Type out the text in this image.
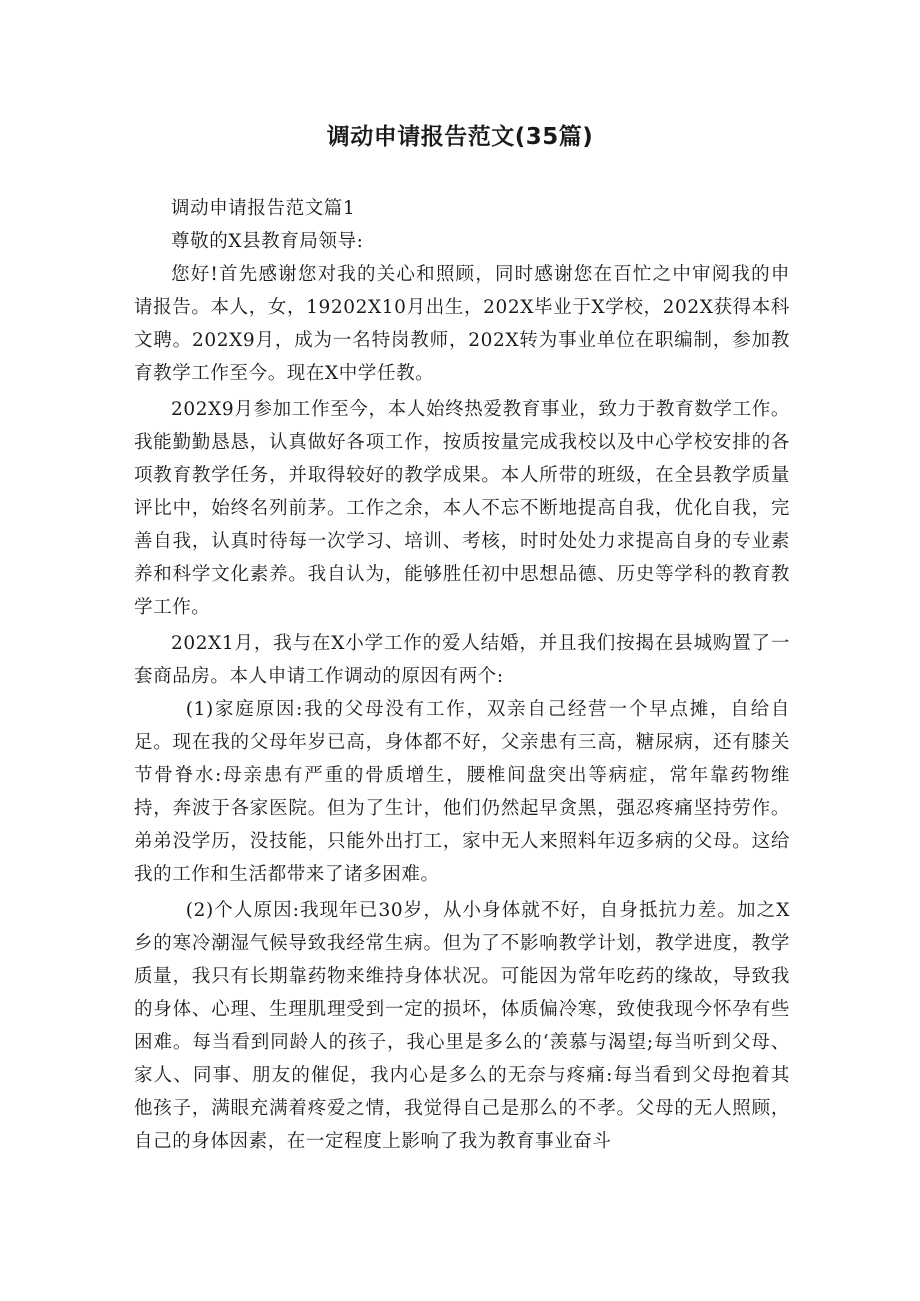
调动申请报告范文(35篇)

调动申请报告范文篇1

尊敬的X县教育局领导:

您好!首先感谢您对我的关心和照顾，同时感谢您在百忙之中审阅我的申请报告。本人，女，19202X10月出生，202X毕业于X学校，202X获得本科文聘。202X9月，成为一名特岗教师，202X转为事业单位在职编制，参加教育教学工作至今。现在X中学任教。

202X9月参加工作至今，本人始终热爱教育事业，致力于教育数学工作。我能勤勤恳恳，认真做好各项工作，按质按量完成我校以及中心学校安排的各项教育教学任务，并取得较好的教学成果。本人所带的班级，在全县教学质量评比中，始终名列前茅。工作之余，本人不忘不断地提高自我，优化自我，完善自我，认真时待每一次学习、培训、考核，时时处处力求提高自身的专业素养和科学文化素养。我自认为，能够胜任初中思想品德、历史等学科的教育教学工作。

202X1月，我与在X小学工作的爱人结婚，并且我们按揭在县城购置了一套商品房。本人申请工作调动的原因有两个:

(1)家庭原因:我的父母没有工作，双亲自己经营一个早点摊，自给自足。现在我的父母年岁已高，身体都不好，父亲患有三高，糖尿病，还有膝关节骨脊水:母亲患有严重的骨质增生，腰椎间盘突出等病症，常年靠药物维持，奔波于各家医院。但为了生计，他们仍然起早贪黑，强忍疼痛坚持劳作。弟弟没学历，没技能，只能外出打工，家中无人来照料年迈多病的父母。这给我的工作和生活都带来了诸多困难。

(2)个人原因:我现年已30岁，从小身体就不好，自身抵抗力差。加之X乡的寒冷潮湿气候导致我经常生病。但为了不影响教学计划，教学进度，教学质量，我只有长期靠药物来维持身体状况。可能因为常年吃药的缘故，导致我的身体、心理、生理肌理受到一定的损坏，体质偏冷寒，致使我现今怀孕有些困难。每当看到同龄人的孩子，我心里是多么的‘羡慕与渴望;每当听到父母、家人、同事、朋友的催促，我内心是多么的无奈与疼痛:每当看到父母抱着其他孩子，满眼充满着疼爱之情，我觉得自己是那么的不孝。父母的无人照顾，自己的身体因素，在一定程度上影响了我为教育事业奋斗
